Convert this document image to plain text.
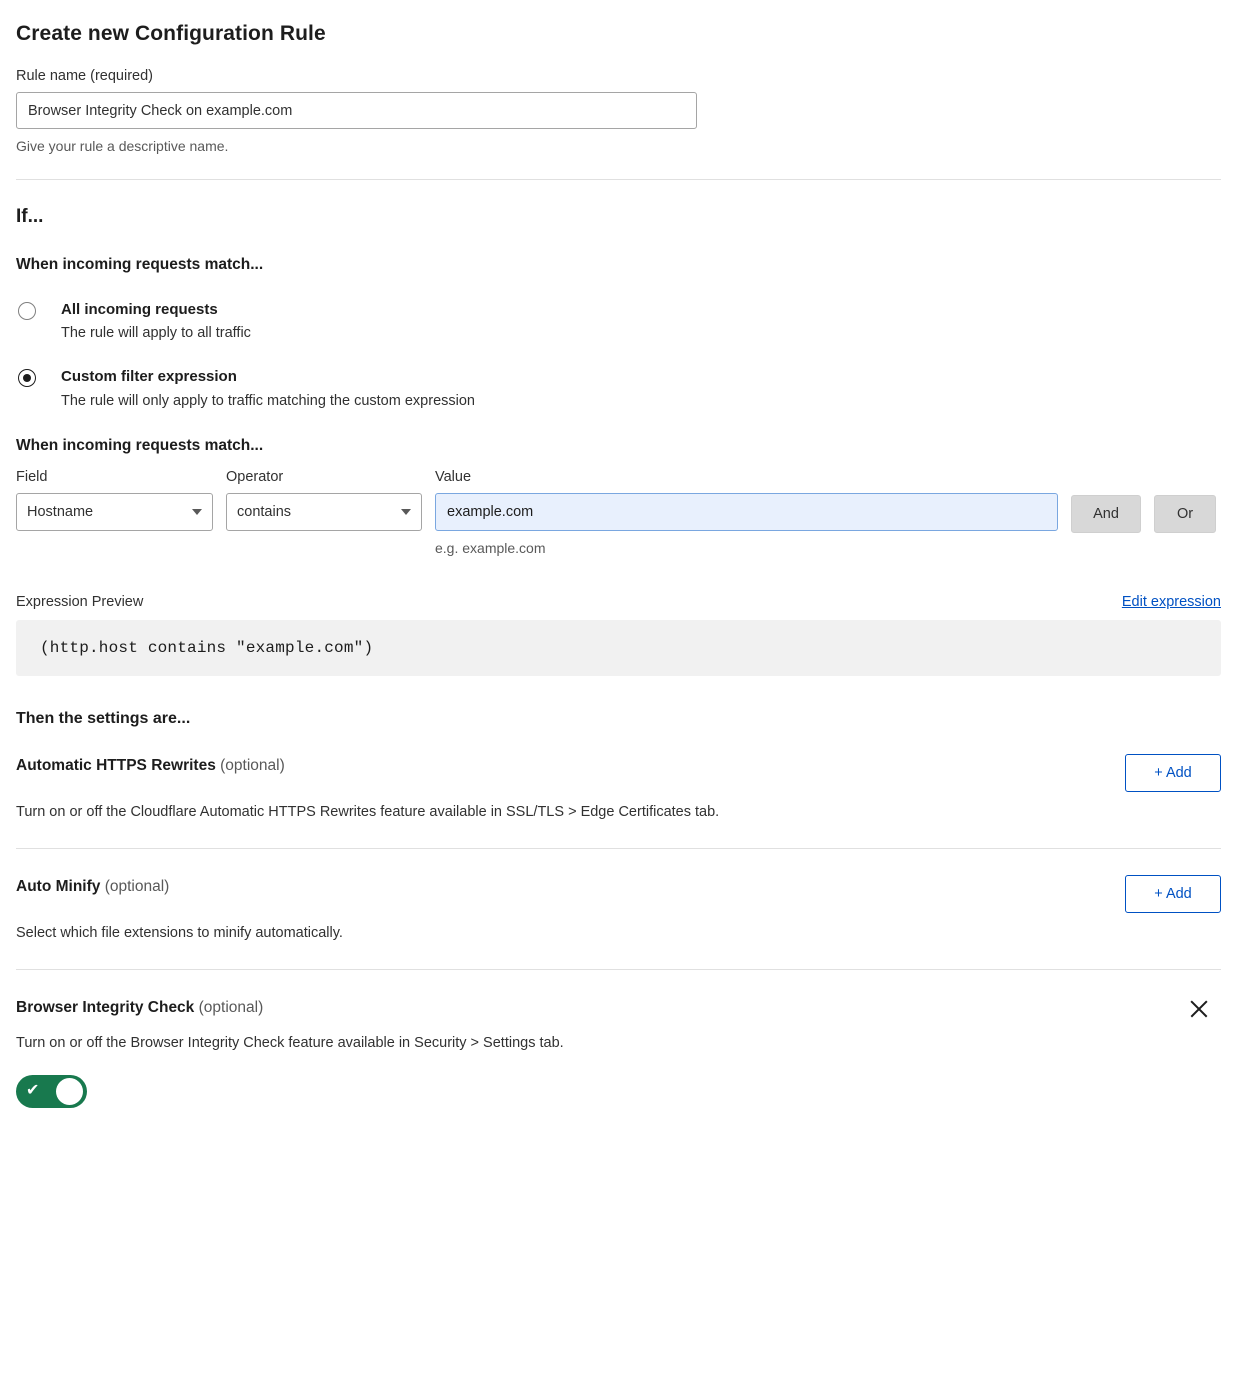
Create new Configuration Rule
Rule name (required)
Browser Integrity Check on example.com
Give your rule a descriptive name.
If...
When incoming requests match...
All incoming requests
The rule will apply to all traffic
Custom filter expression
The rule will only apply to traffic matching the custom expression
When incoming requests match...
Field
Hostname
Operator
contains
Value
example.com
e.g. example.com
And	Or
Expression Preview	Edit expression
(http.host contains "example.com")
Then the settings are...
Automatic HTTPS Rewrites (optional)	+ Add
Turn on or off the Cloudflare Automatic HTTPS Rewrites feature available in SSL/TLS > Edge Certificates tab.
Auto Minify (optional)	+ Add
Select which file extensions to minify automatically.
Browser Integrity Check (optional)
Turn on or off the Browser Integrity Check feature available in Security > Settings tab.
✔
